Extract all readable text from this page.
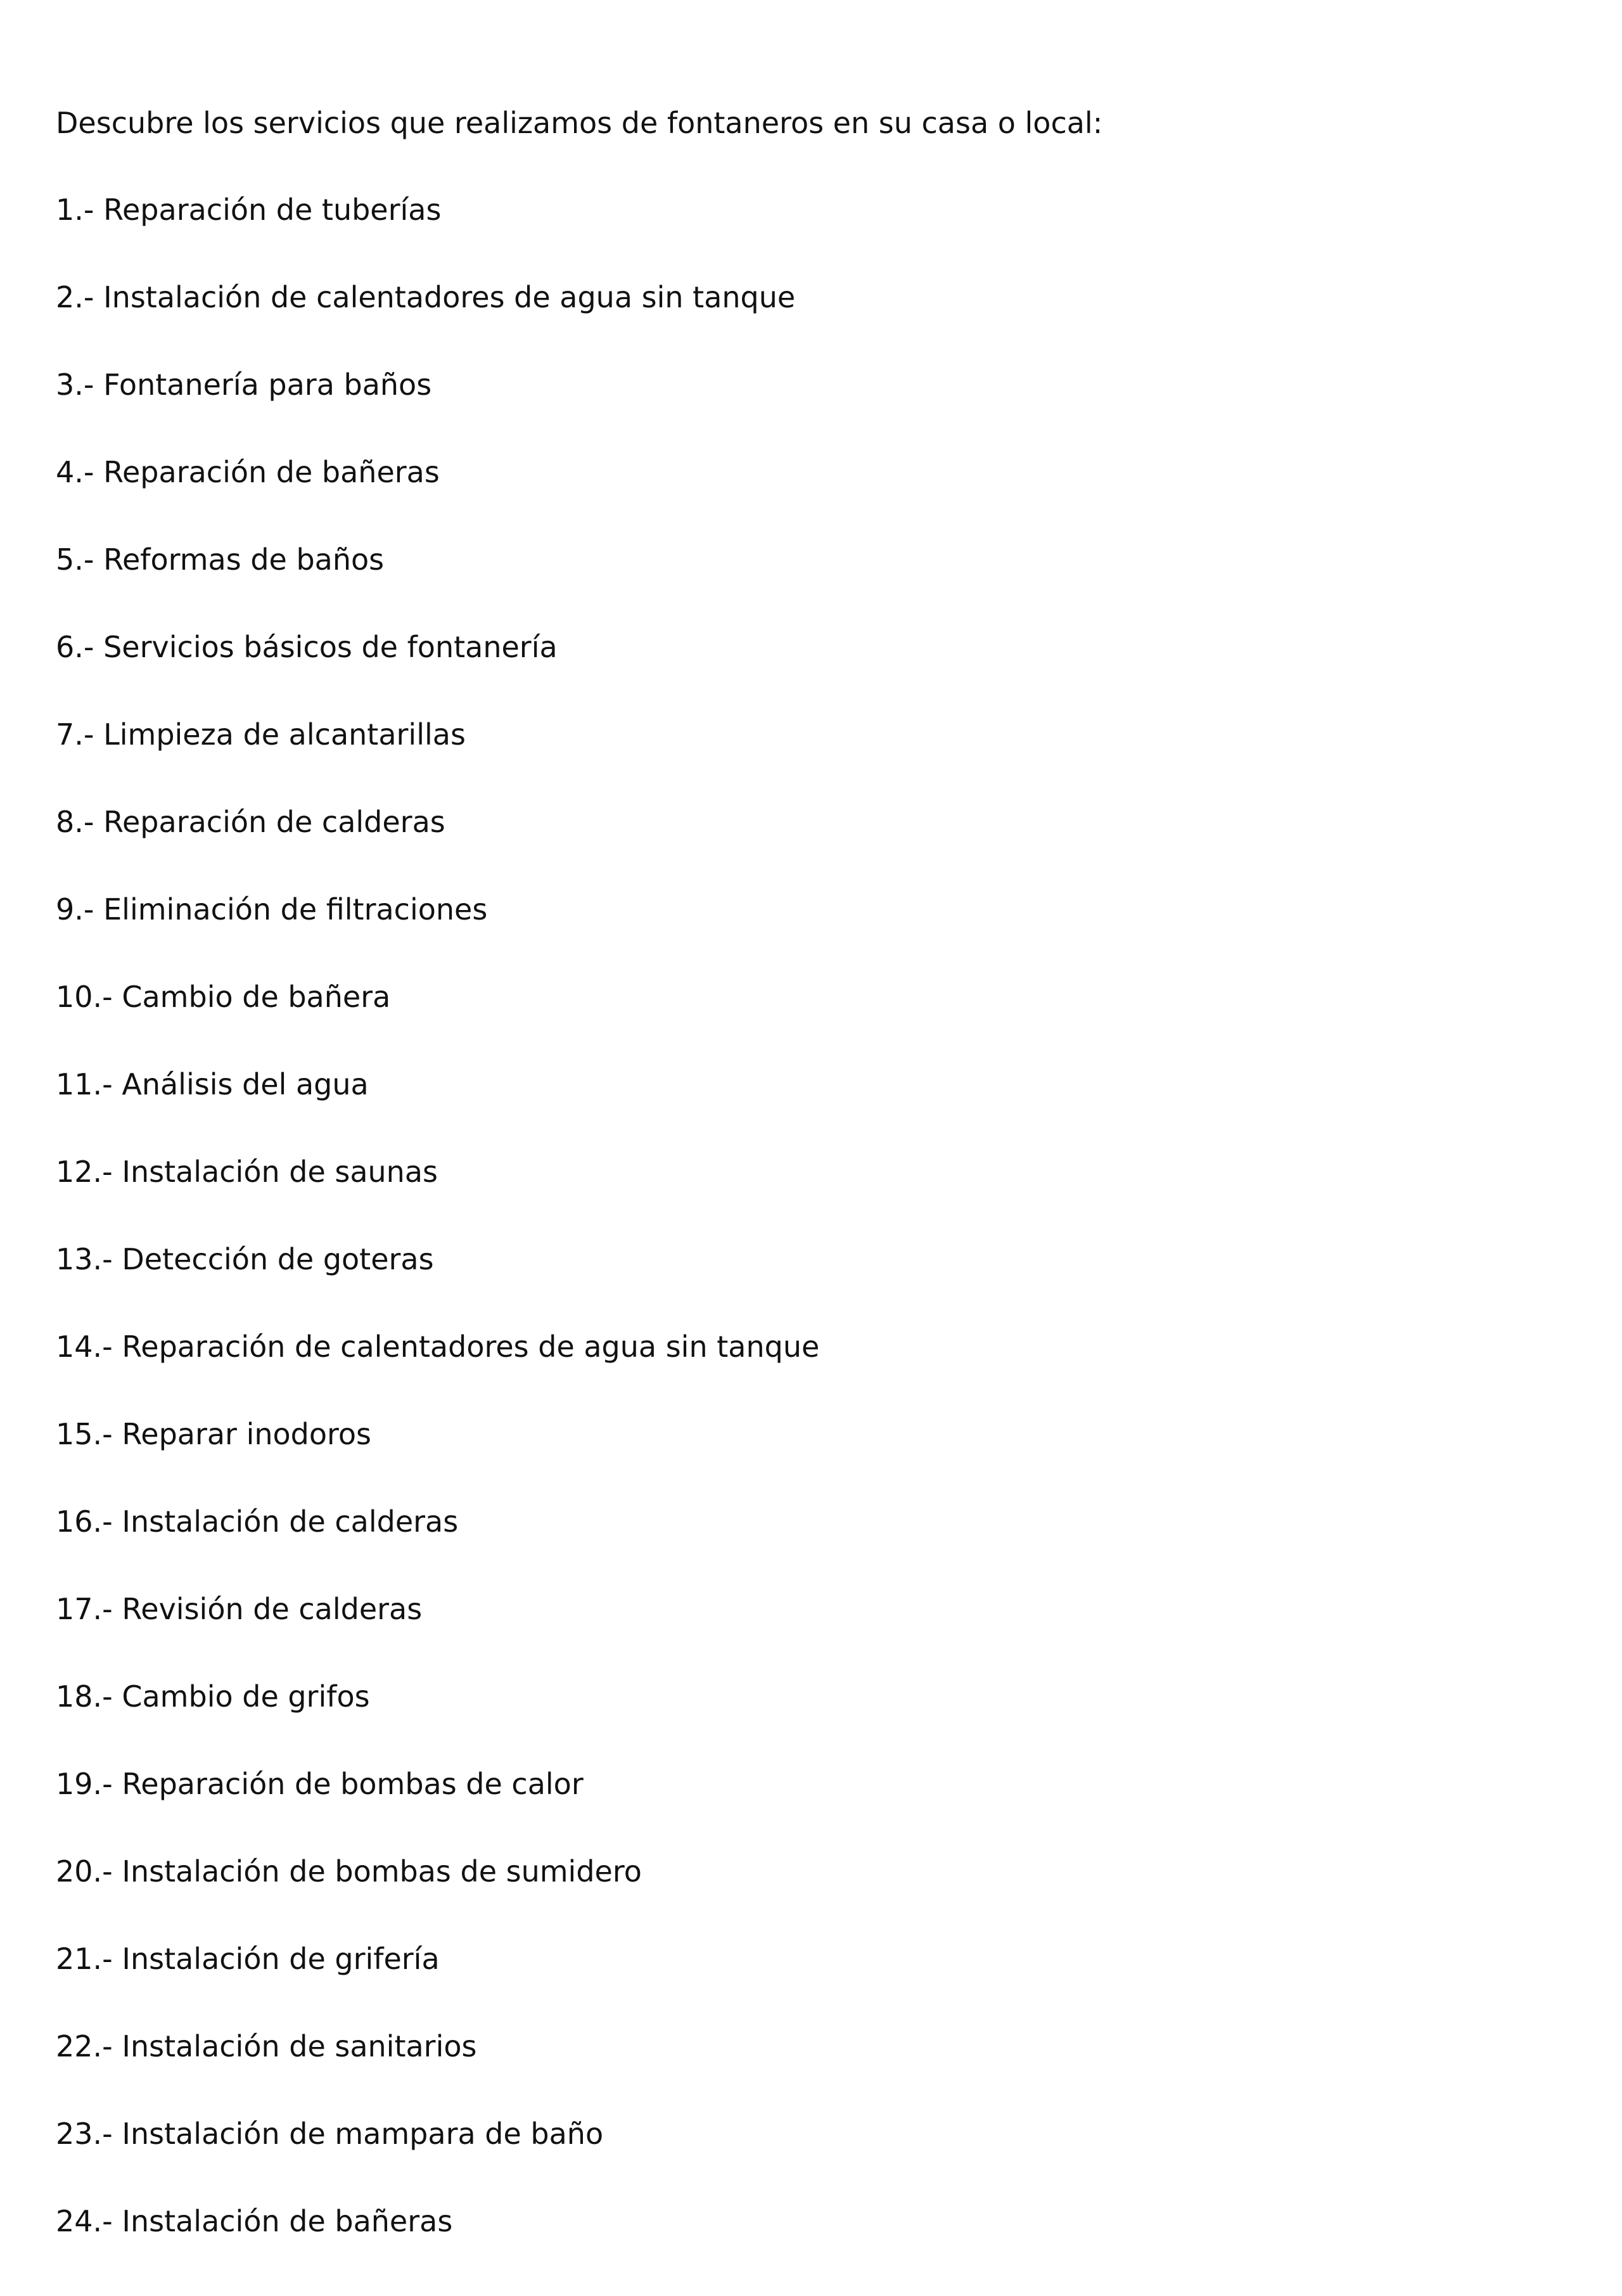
Descubre los servicios que realizamos de fontaneros en su casa o local:

1.- Reparación de tuberías
2.- Instalación de calentadores de agua sin tanque
3.- Fontanería para baños
4.- Reparación de bañeras
5.- Reformas de baños
6.- Servicios básicos de fontanería
7.- Limpieza de alcantarillas
8.- Reparación de calderas
9.- Eliminación de filtraciones
10.- Cambio de bañera
11.- Análisis del agua
12.- Instalación de saunas
13.- Detección de goteras
14.- Reparación de calentadores de agua sin tanque
15.- Reparar inodoros
16.- Instalación de calderas
17.- Revisión de calderas
18.- Cambio de grifos
19.- Reparación de bombas de calor
20.- Instalación de bombas de sumidero
21.- Instalación de grifería
22.- Instalación de sanitarios
23.- Instalación de mampara de baño
24.- Instalación de bañeras
